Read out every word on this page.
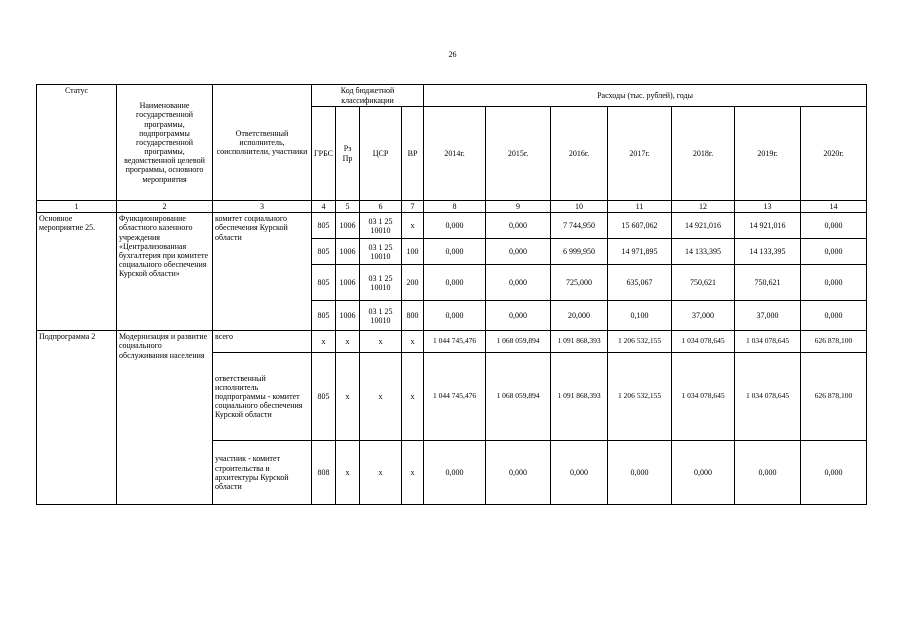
26
Статус	Наименование государственной программы, подпрограммы государственной программы, ведомственной целевой программы, основного мероприятия	Ответственный исполнитель, соисполнители, участники	Код бюджетной классификации				Расходы (тыс. рублей), годы						
			ГРБС	Рз Пр	ЦСР	ВР	2014г.	2015г.	2016г.	2017г.	2018г.	2019г.	2020г.
1	2	3	4	5	6	7	8	9	10	11	12	13	14
Основное мероприятие 25.	Функционирование областного казенного учреждения «Централизованная бухгалтерия при комитете социального обеспечения Курской области»	комитет социального обеспечения Курской области	805	1006	03 1 25 10010	х	0,000	0,000	7 744,950	15 607,062	14 921,016	14 921,016	0,000
			805	1006	03 1 25 10010	100	0,000	0,000	6 999,950	14 971,895	14 133,395	14 133,395	0,000
			805	1006	03 1 25 10010	200	0,000	0,000	725,000	635,067	750,621	750,621	0,000
			805	1006	03 1 25 10010	800	0,000	0,000	20,000	0,100	37,000	37,000	0,000
Подпрограмма 2	Модернизация и развитие социального обслуживания населения	всего	х	х	х	х	1 044 745,476	1 068 059,894	1 091 868,393	1 206 532,155	1 034 078,645	1 034 078,645	626 878,100
		ответственный исполнитель подпрограммы - комитет социального обеспечения Курской области	805	х	х	х	1 044 745,476	1 068 059,894	1 091 868,393	1 206 532,155	1 034 078,645	1 034 078,645	626 878,100
		участник - комитет строительства и архитектуры Курской области	808	х	х	х	0,000	0,000	0,000	0,000	0,000	0,000	0,000
